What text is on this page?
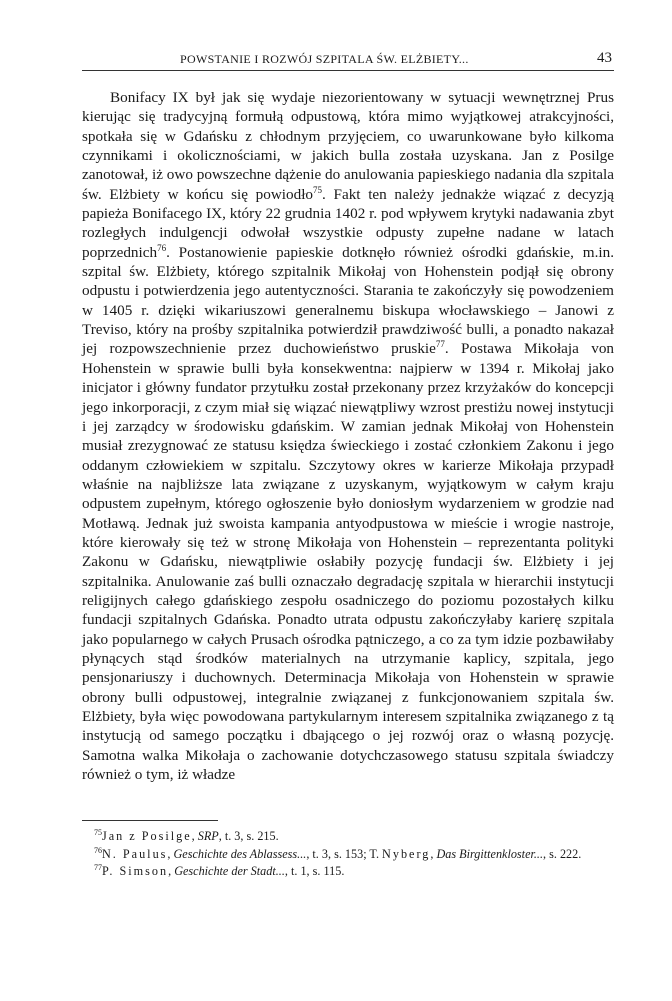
POWSTANIE I ROZWÓJ SZPITALA ŚW. ELŻBIETY...	43

Bonifacy IX był jak się wydaje niezorientowany w sytuacji wewnętrznej Prus kierując się tradycyjną formułą odpustową, która mimo wyjątkowej atrakcyjności, spotkała się w Gdańsku z chłodnym przyjęciem, co uwarunkowane było kilkoma czynnikami i okolicznościami, w jakich bulla została uzyskana. Jan z Posilge zanotował, iż owo powszechne dążenie do anulowania papieskiego nadania dla szpitala św. Elżbiety w końcu się powiodło$^{75}$. Fakt ten należy jednakże wiązać z decyzją papieża Bonifacego IX, który 22 grudnia 1402 r. pod wpływem krytyki nadawania zbyt rozległych indulgencji odwołał wszystkie odpusty zupełne nadane w latach poprzednich$^{76}$. Postanowienie papieskie dotknęło również ośrodki gdańskie, m.in. szpital św. Elżbiety, którego szpitalnik Mikołaj von Hohenstein podjął się obrony odpustu i potwierdzenia jego autentyczności. Starania te zakończyły się powodzeniem w 1405 r. dzięki wikariuszowi generalnemu biskupa włocławskiego – Janowi z Treviso, który na prośby szpitalnika potwierdził prawdziwość bulli, a ponadto nakazał jej rozpowszechnienie przez duchowieństwo pruskie$^{77}$. Postawa Mikołaja von Hohenstein w sprawie bulli była konsekwentna: najpierw w 1394 r. Mikołaj jako inicjator i główny fundator przytułku został przekonany przez krzyżaków do koncepcji jego inkorporacji, z czym miał się wiązać niewątpliwy wzrost prestiżu nowej instytucji i jej zarządcy w środowisku gdańskim. W zamian jednak Mikołaj von Hohenstein musiał zrezygnować ze statusu księdza świeckiego i zostać członkiem Zakonu i jego oddanym człowiekiem w szpitalu. Szczytowy okres w karierze Mikołaja przypadł właśnie na najbliższe lata związane z uzyskanym, wyjątkowym w całym kraju odpustem zupełnym, którego ogłoszenie było doniosłym wydarzeniem w grodzie nad Motławą. Jednak już swoista kampania antyodpustowa w mieście i wrogie nastroje, które kierowały się też w stronę Mikołaja von Hohenstein – reprezentanta polityki Zakonu w Gdańsku, niewątpliwie osłabiły pozycję fundacji św. Elżbiety i jej szpitalnika. Anulowanie zaś bulli oznaczało degradację szpitala w hierarchii instytucji religijnych całego gdańskiego zespołu osadniczego do poziomu pozostałych kilku fundacji szpitalnych Gdańska. Ponadto utrata odpustu zakończyłaby karierę szpitala jako popularnego w całych Prusach ośrodka pątniczego, a co za tym idzie pozbawiłaby płynących stąd środków materialnych na utrzymanie kaplicy, szpitala, jego pensjonariuszy i duchownych. Determinacja Mikołaja von Hohenstein w sprawie obrony bulli odpustowej, integralnie związanej z funkcjonowaniem szpitala św. Elżbiety, była więc powodowana partykularnym interesem szpitalnika związanego z tą instytucją od samego początku i dbającego o jej rozwój oraz o własną pozycję. Samotna walka Mikołaja o zachowanie dotychczasowego statusu szpitala świadczy również o tym, iż władze

$^{75}$Jan z Posilge, SRP, t. 3, s. 215.

$^{76}$N. Paulus, Geschichte des Ablassess..., t. 3, s. 153; T. Nyberg, Das Birgittenkloster..., s. 222.

$^{77}$P. Simson, Geschichte der Stadt..., t. 1, s. 115.
